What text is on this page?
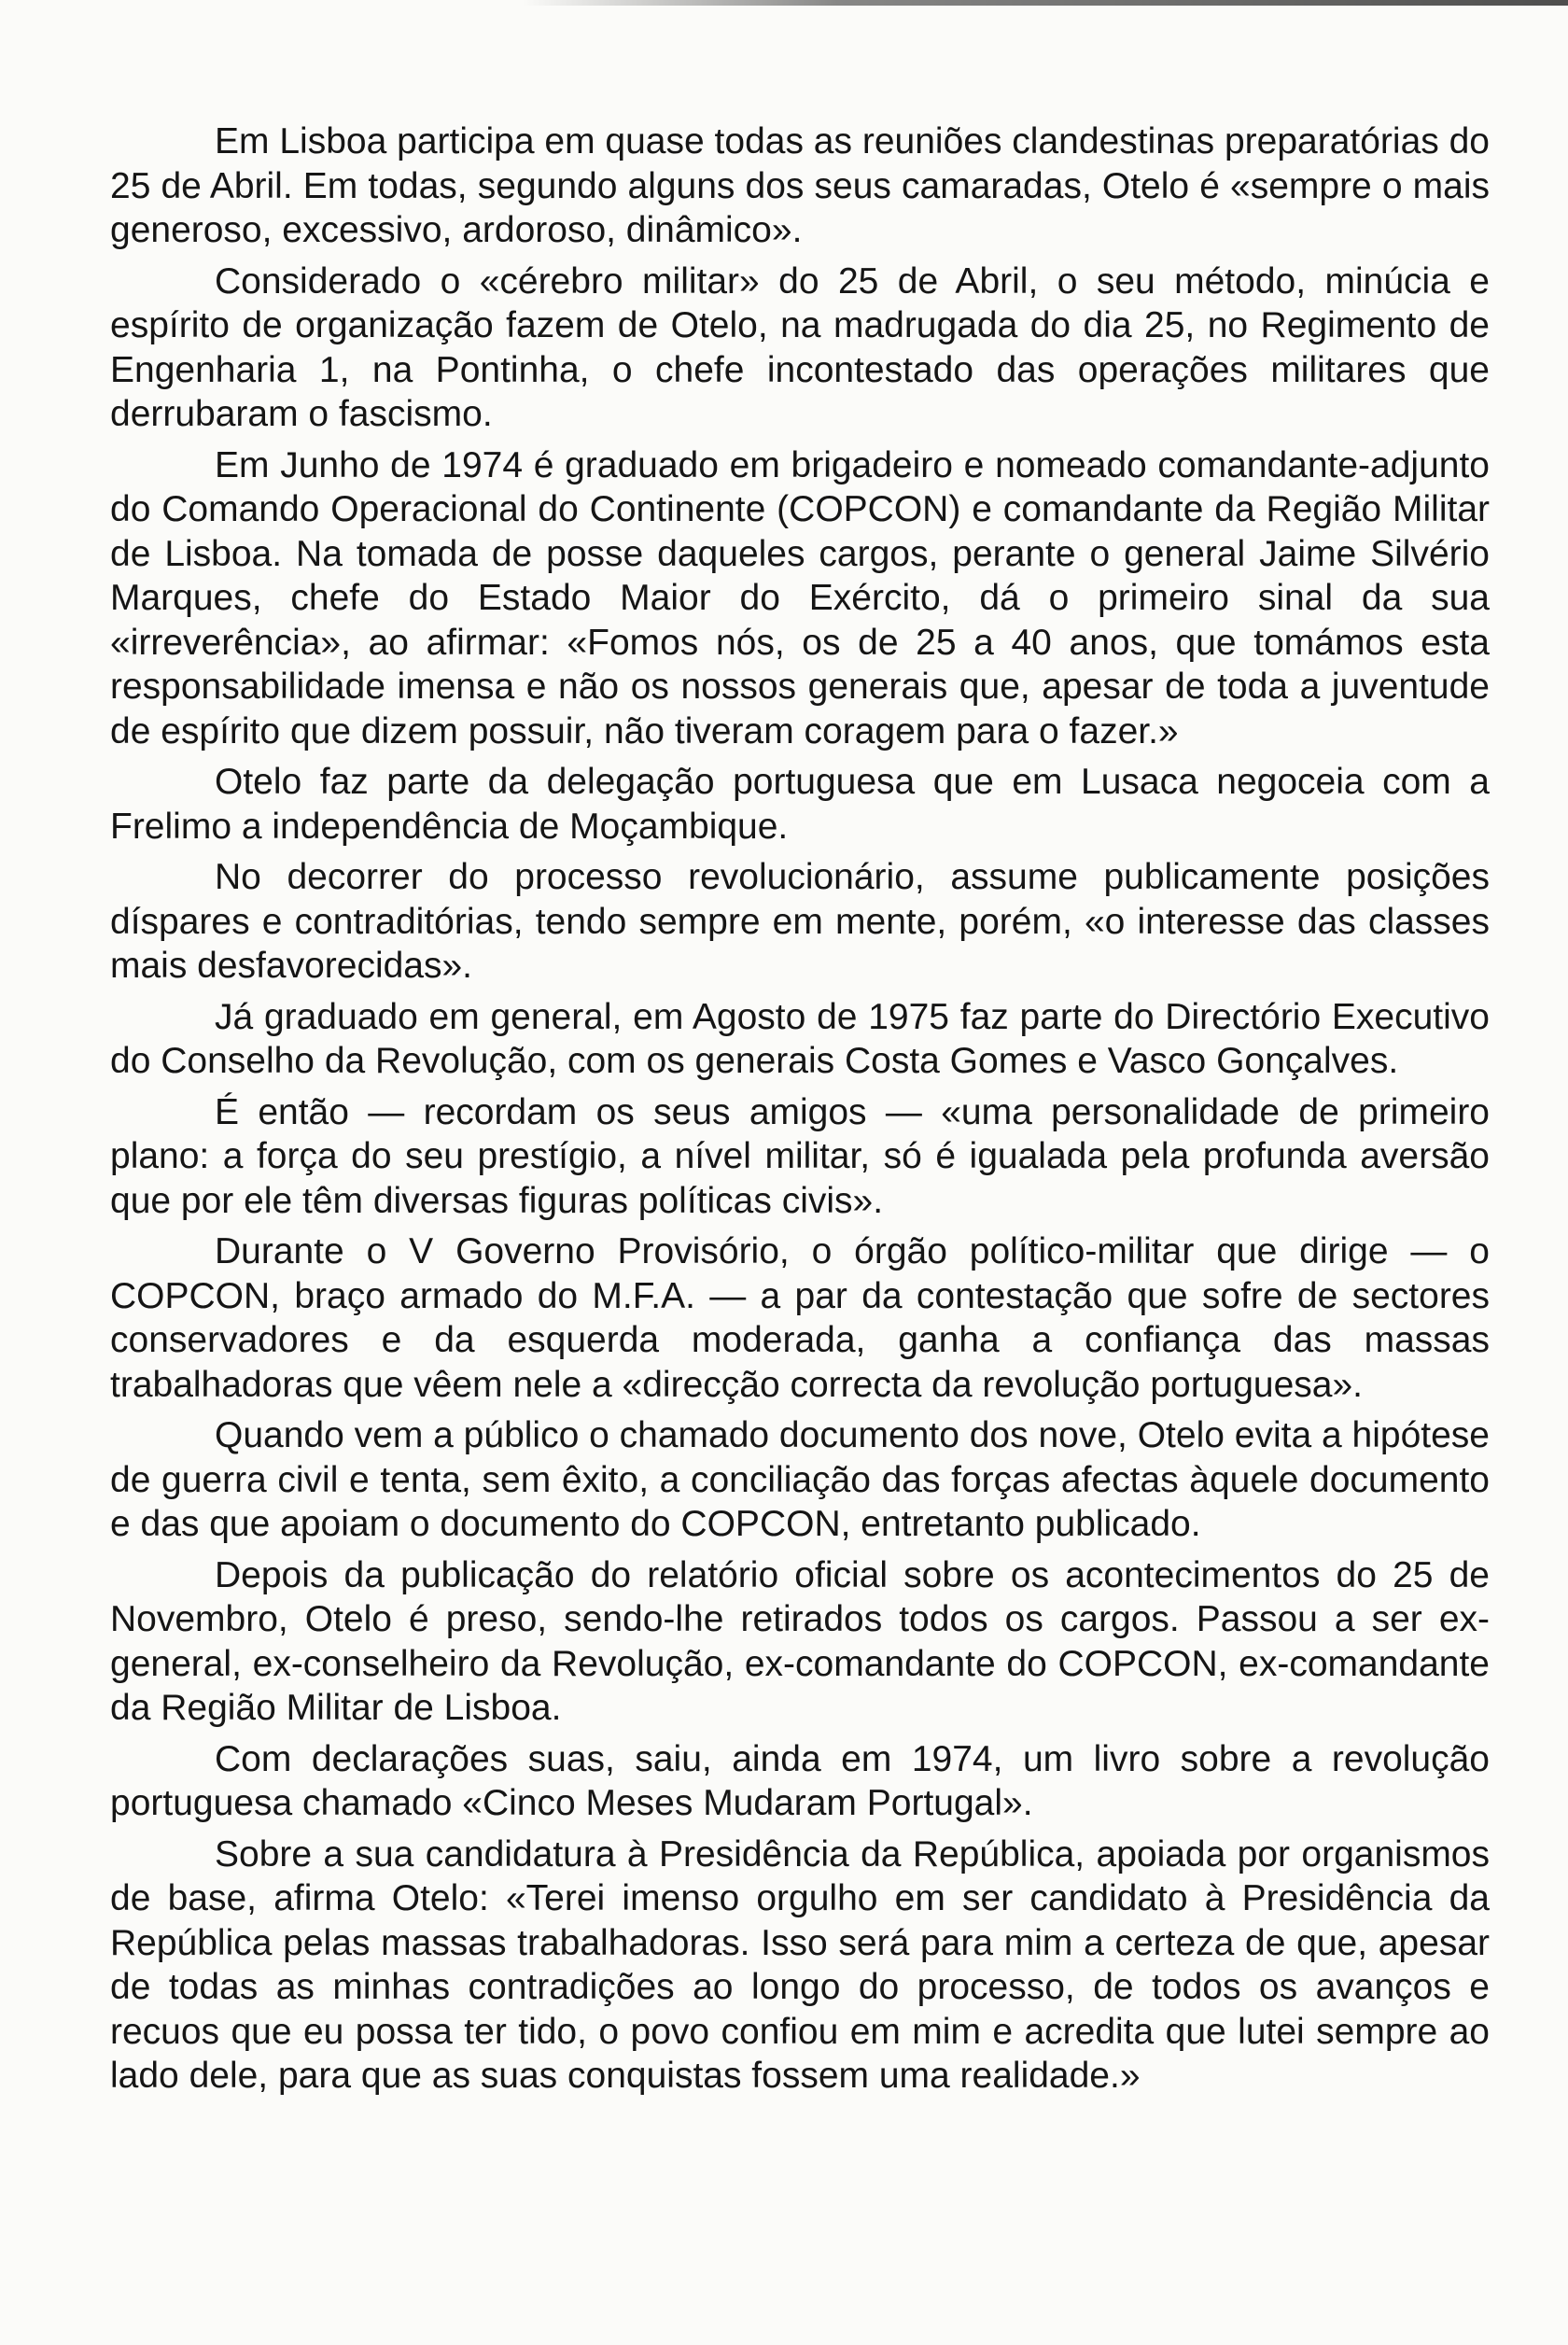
Em Lisboa participa em quase todas as reuniões clandestinas preparatórias do 25 de Abril. Em todas, segundo alguns dos seus camaradas, Otelo é «sempre o mais generoso, excessivo, ardoroso, dinâmico».

Considerado o «cérebro militar» do 25 de Abril, o seu método, minúcia e espírito de organização fazem de Otelo, na madrugada do dia 25, no Regimento de Engenharia 1, na Pontinha, o chefe incontestado das operações militares que derrubaram o fascismo.

Em Junho de 1974 é graduado em brigadeiro e nomeado comandante-adjunto do Comando Operacional do Continente (COPCON) e comandante da Região Militar de Lisboa. Na tomada de posse daqueles cargos, perante o general Jaime Silvério Marques, chefe do Estado Maior do Exército, dá o primeiro sinal da sua «irreverência», ao afirmar: «Fomos nós, os de 25 a 40 anos, que tomámos esta responsabilidade imensa e não os nossos generais que, apesar de toda a juventude de espírito que dizem possuir, não tiveram coragem para o fazer.»

Otelo faz parte da delegação portuguesa que em Lusaca negoceia com a Frelimo a independência de Moçambique.

No decorrer do processo revolucionário, assume publicamente posições díspares e contraditórias, tendo sempre em mente, porém, «o interesse das classes mais desfavorecidas».

Já graduado em general, em Agosto de 1975 faz parte do Directório Executivo do Conselho da Revolução, com os generais Costa Gomes e Vasco Gonçalves.

É então — recordam os seus amigos — «uma personalidade de primeiro plano: a força do seu prestígio, a nível militar, só é igualada pela profunda aversão que por ele têm diversas figuras políticas civis».

Durante o V Governo Provisório, o órgão político-militar que dirige — o COPCON, braço armado do M.F.A. — a par da contestação que sofre de sectores conservadores e da esquerda moderada, ganha a confiança das massas trabalhadoras que vêem nele a «direcção correcta da revolução portuguesa».

Quando vem a público o chamado documento dos nove, Otelo evita a hipótese de guerra civil e tenta, sem êxito, a conciliação das forças afectas àquele documento e das que apoiam o documento do COPCON, entretanto publicado.

Depois da publicação do relatório oficial sobre os acontecimentos do 25 de Novembro, Otelo é preso, sendo-lhe retirados todos os cargos. Passou a ser ex-general, ex-conselheiro da Revolução, ex-comandante do COPCON, ex-comandante da Região Militar de Lisboa.

Com declarações suas, saiu, ainda em 1974, um livro sobre a revolução portuguesa chamado «Cinco Meses Mudaram Portugal».

Sobre a sua candidatura à Presidência da República, apoiada por organismos de base, afirma Otelo: «Terei imenso orgulho em ser candidato à Presidência da República pelas massas trabalhadoras. Isso será para mim a certeza de que, apesar de todas as minhas contradições ao longo do processo, de todos os avanços e recuos que eu possa ter tido, o povo confiou em mim e acredita que lutei sempre ao lado dele, para que as suas conquistas fossem uma realidade.»
